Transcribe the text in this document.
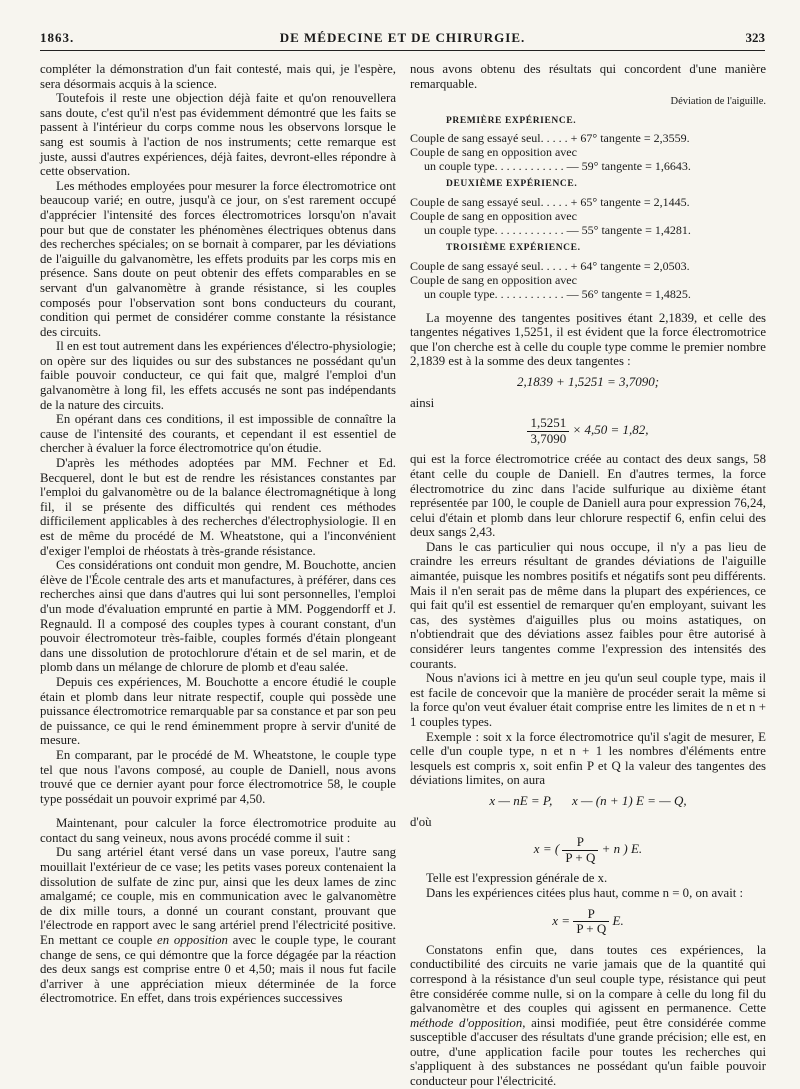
1863.	DE MÉDECINE ET DE CHIRURGIE.	323

compléter la démonstration d'un fait contesté, mais qui, je l'espère, sera désormais acquis à la science.

Toutefois il reste une objection déjà faite et qu'on renouvellera sans doute, c'est qu'il n'est pas évidemment démontré que les faits se passent à l'intérieur du corps comme nous les observons lorsque le sang est soumis à l'action de nos instruments; cette remarque est juste, aussi d'autres expériences, déjà faites, devront-elles répondre à cette observation.

Les méthodes employées pour mesurer la force électromotrice ont beaucoup varié; en outre, jusqu'à ce jour, on s'est rarement occupé d'apprécier l'intensité des forces électromotrices lorsqu'on n'avait pour but que de constater les phénomènes électriques obtenus dans des recherches spéciales; on se bornait à comparer, par les déviations de l'aiguille du galvanomètre, les effets produits par les corps mis en présence. Sans doute on peut obtenir des effets comparables en se servant d'un galvanomètre à grande résistance, si les couples composés pour l'observation sont bons conducteurs du courant, condition qui permet de considérer comme constante la résistance des circuits.

Il en est tout autrement dans les expériences d'électro-physiologie; on opère sur des liquides ou sur des substances ne possédant qu'un faible pouvoir conducteur, ce qui fait que, malgré l'emploi d'un galvanomètre à long fil, les effets accusés ne sont pas indépendants de la nature des circuits.

En opérant dans ces conditions, il est impossible de connaître la cause de l'intensité des courants, et cependant il est essentiel de chercher à évaluer la force électromotrice qu'on étudie.

D'après les méthodes adoptées par MM. Fechner et Ed. Becquerel, dont le but est de rendre les résistances constantes par l'emploi du galvanomètre ou de la balance électromagnétique à long fil, il se présente des difficultés qui rendent ces méthodes difficilement applicables à des recherches d'électrophysiologie. Il en est de même du procédé de M. Wheatstone, qui a l'inconvénient d'exiger l'emploi de rhéostats à très-grande résistance.

Ces considérations ont conduit mon gendre, M. Bouchotte, ancien élève de l'École centrale des arts et manufactures, à préférer, dans ces recherches ainsi que dans d'autres qui lui sont personnelles, l'emploi d'un mode d'évaluation emprunté en partie à MM. Poggendorff et J. Regnauld. Il a composé des couples types à courant constant, d'un pouvoir électromoteur très-faible, couples formés d'étain plongeant dans une dissolution de protochlorure d'étain et de sel marin, et de plomb dans un mélange de chlorure de plomb et d'eau salée.

Depuis ces expériences, M. Bouchotte a encore étudié le couple étain et plomb dans leur nitrate respectif, couple qui possède une puissance électromotrice remarquable par sa constance et par son peu de puissance, ce qui le rend éminemment propre à servir d'unité de mesure.

En comparant, par le procédé de M. Wheatstone, le couple type tel que nous l'avons composé, au couple de Daniell, nous avons trouvé que ce dernier ayant pour force électromotrice 58, le couple type possédait un pouvoir exprimé par 4,50.

Maintenant, pour calculer la force électromotrice produite au contact du sang veineux, nous avons procédé comme il suit :

Du sang artériel étant versé dans un vase poreux, l'autre sang mouillait l'extérieur de ce vase; les petits vases poreux contenaient la dissolution de sulfate de zinc pur, ainsi que les deux lames de zinc amalgamé; ce couple, mis en communication avec le galvanomètre de dix mille tours, a donné un courant constant, prouvant que l'électrode en rapport avec le sang artériel prend l'électricité positive. En mettant ce couple en opposition avec le couple type, le courant change de sens, ce qui démontre que la force dégagée par la réaction des deux sangs est comprise entre 0 et 4,50; mais il nous fut facile d'arriver à une appréciation mieux déterminée de la force électromotrice. En effet, dans trois expériences successives

nous avons obtenu des résultats qui concordent d'une manière remarquable.

Déviation de l'aiguille.
PREMIÈRE EXPÉRIENCE.
Couple de sang essayé seul. . . . . + 67° tangente = 2,3559.
Couple de sang en opposition avec
un couple type. . . . . . . . . . . . — 59° tangente = 1,6643.
DEUXIÈME EXPÉRIENCE.
Couple de sang essayé seul. . . . . + 65° tangente = 2,1445.
Couple de sang en opposition avec
un couple type. . . . . . . . . . . . — 55° tangente = 1,4281.
TROISIÈME EXPÉRIENCE.
Couple de sang essayé seul. . . . . + 64° tangente = 2,0503.
Couple de sang en opposition avec
un couple type. . . . . . . . . . . . — 56° tangente = 1,4825.

La moyenne des tangentes positives étant 2,1839, et celle des tangentes négatives 1,5251, il est évident que la force électromotrice que l'on cherche est à celle du couple type comme le premier nombre 2,1839 est à la somme des deux tangentes :

2,1839 + 1,5251 = 3,7090;

ainsi

$\frac{1,5251}{3,7090} \times 4,50 = 1,82$,

qui est la force électromotrice créée au contact des deux sangs, 58 étant celle du couple de Daniell. En d'autres termes, la force électromotrice du zinc dans l'acide sulfurique au dixième étant représentée par 100, le couple de Daniell aura pour expression 76,24, celui d'étain et plomb dans leur chlorure respectif 6, enfin celui des deux sangs 2,43.

Dans le cas particulier qui nous occupe, il n'y a pas lieu de craindre les erreurs résultant de grandes déviations de l'aiguille aimantée, puisque les nombres positifs et négatifs sont peu différents. Mais il n'en serait pas de même dans la plupart des expériences, ce qui fait qu'il est essentiel de remarquer qu'en employant, suivant les cas, des systèmes d'aiguilles plus ou moins astatiques, on n'obtiendrait que des déviations assez faibles pour être autorisé à considérer leurs tangentes comme l'expression des intensités des courants.

Nous n'avions ici à mettre en jeu qu'un seul couple type, mais il est facile de concevoir que la manière de procéder serait la même si la force qu'on veut évaluer était comprise entre les limites de n et n + 1 couples types.

Exemple : soit x la force électromotrice qu'il s'agit de mesurer, E celle d'un couple type, n et n + 1 les nombres d'éléments entre lesquels est compris x, soit enfin P et Q la valeur des tangentes des déviations limites, on aura

x — nE = P, x — (n + 1) E = — Q,

d'où

x = ( $\frac{P}{P + Q} + n$ ) E.

Telle est l'expression générale de x.

Dans les expériences citées plus haut, comme n = 0, on avait :

$x = \frac{P}{P + Q} E$.

Constatons enfin que, dans toutes ces expériences, la conductibilité des circuits ne varie jamais que de la quantité qui correspond à la résistance d'un seul couple type, résistance qui peut être considérée comme nulle, si on la compare à celle du long fil du galvanomètre et des couples qui agissent en permanence. Cette méthode d'opposition, ainsi modifiée, peut être considérée comme susceptible d'accuser des résultats d'une grande précision; elle est, en outre, d'une application facile pour toutes les recherches qui s'appliquent à des substances ne possédant qu'un faible pouvoir conducteur pour l'électricité.
